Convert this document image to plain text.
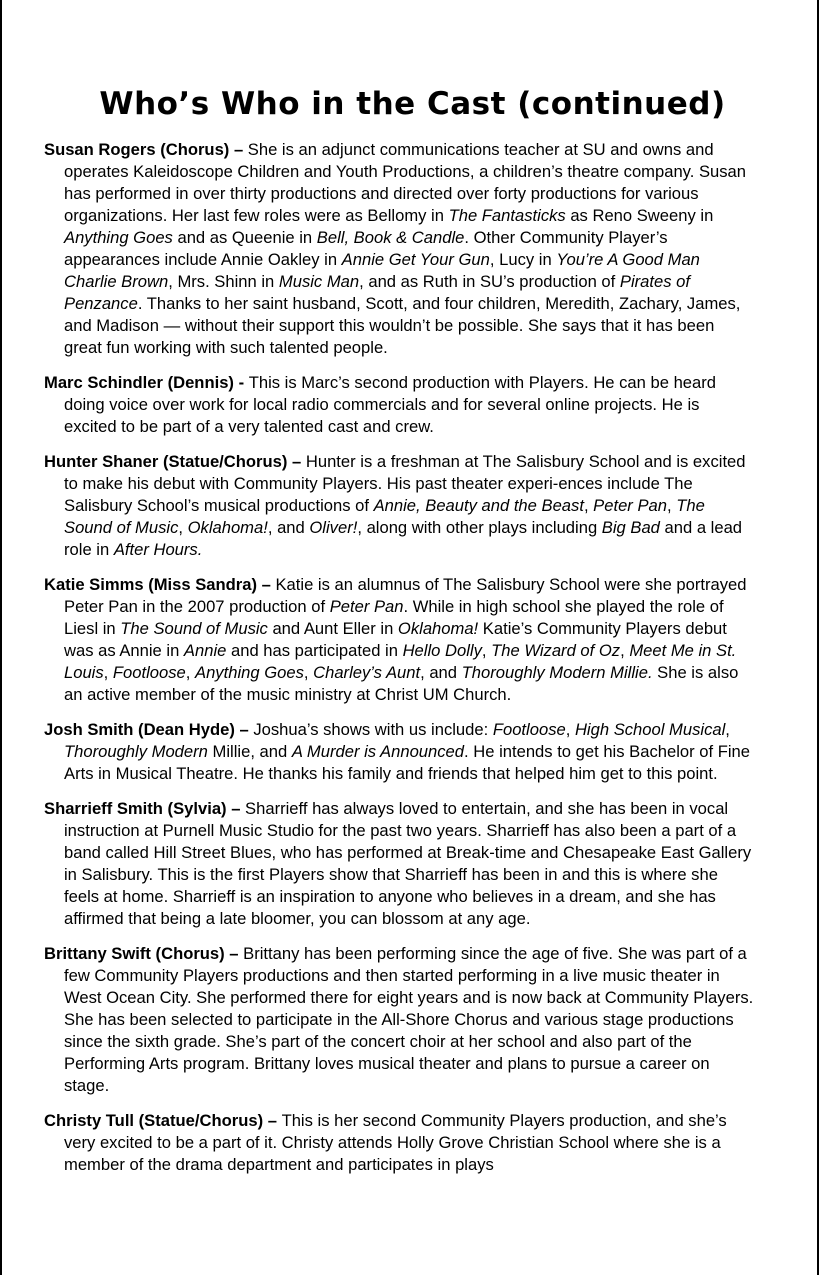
Who’s Who in the Cast (continued)

Susan Rogers (Chorus) – She is an adjunct communications teacher at SU and owns and operates Kaleidoscope Children and Youth Productions, a children’s theatre company. Susan has performed in over thirty productions and directed over forty productions for various organizations. Her last few roles were as Bellomy in The Fantasticks as Reno Sweeny in Anything Goes and as Queenie in Bell, Book & Candle. Other Community Player’s appearances include Annie Oakley in Annie Get Your Gun, Lucy in You’re A Good Man Charlie Brown, Mrs. Shinn in Music Man, and as Ruth in SU’s production of Pirates of Penzance. Thanks to her saint husband, Scott, and four children, Meredith, Zachary, James, and Madison — without their support this wouldn’t be possible. She says that it has been great fun working with such talented people.

Marc Schindler (Dennis) - This is Marc’s second production with Players. He can be heard doing voice over work for local radio commercials and for several online projects. He is excited to be part of a very talented cast and crew.

Hunter Shaner (Statue/Chorus) – Hunter is a freshman at The Salisbury School and is excited to make his debut with Community Players. His past theater experi-ences include The Salisbury School’s musical productions of Annie, Beauty and the Beast, Peter Pan, The Sound of Music, Oklahoma!, and Oliver!, along with other plays including Big Bad and a lead role in After Hours.

Katie Simms (Miss Sandra) – Katie is an alumnus of The Salisbury School were she portrayed Peter Pan in the 2007 production of Peter Pan. While in high school she played the role of Liesl in The Sound of Music and Aunt Eller in Oklahoma! Katie’s Community Players debut was as Annie in Annie and has participated in Hello Dolly, The Wizard of Oz, Meet Me in St. Louis, Footloose, Anything Goes, Charley’s Aunt, and Thoroughly Modern Millie. She is also an active member of the music ministry at Christ UM Church.

Josh Smith (Dean Hyde) – Joshua’s shows with us include: Footloose, High School Musical, Thoroughly Modern Millie, and A Murder is Announced. He intends to get his Bachelor of Fine Arts in Musical Theatre. He thanks his family and friends that helped him get to this point.

Sharrieff Smith (Sylvia) – Sharrieff has always loved to entertain, and she has been in vocal instruction at Purnell Music Studio for the past two years. Sharrieff has also been a part of a band called Hill Street Blues, who has performed at Break-time and Chesapeake East Gallery in Salisbury. This is the first Players show that Sharrieff has been in and this is where she feels at home. Sharrieff is an inspiration to anyone who believes in a dream, and she has affirmed that being a late bloomer, you can blossom at any age.

Brittany Swift (Chorus) – Brittany has been performing since the age of five. She was part of a few Community Players productions and then started performing in a live music theater in West Ocean City. She performed there for eight years and is now back at Community Players. She has been selected to participate in the All-Shore Chorus and various stage productions since the sixth grade. She’s part of the concert choir at her school and also part of the Performing Arts program. Brittany loves musical theater and plans to pursue a career on stage.

Christy Tull (Statue/Chorus) – This is her second Community Players production, and she’s very excited to be a part of it. Christy attends Holly Grove Christian School where she is a member of the drama department and participates in plays
